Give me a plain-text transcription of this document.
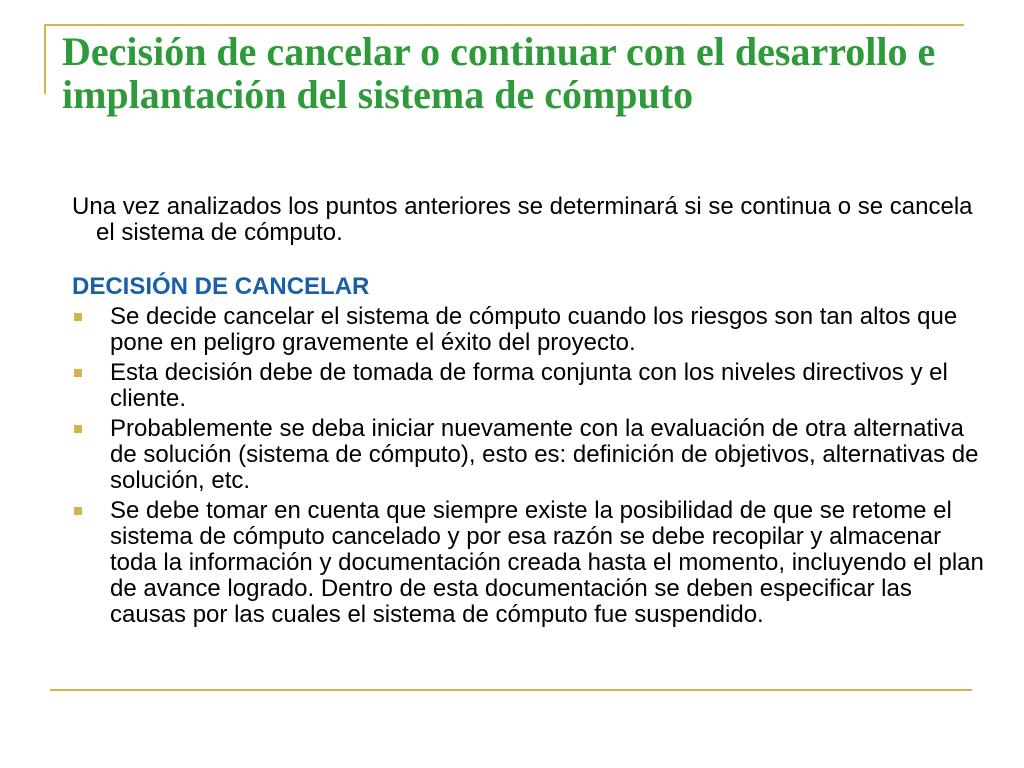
Decisión de cancelar o continuar con el desarrollo e implantación del sistema de cómputo

Una vez analizados los puntos anteriores se determinará si se continua o se cancela el sistema de cómputo.

DECISIÓN DE CANCELAR
Se decide cancelar el sistema de cómputo cuando los riesgos son tan altos que pone en peligro gravemente el éxito del proyecto.
Esta decisión debe de tomada de forma conjunta con los niveles directivos y el cliente.
Probablemente se deba iniciar nuevamente con la evaluación de otra alternativa de solución (sistema de cómputo), esto es: definición de objetivos, alternativas de solución, etc.
Se debe tomar en cuenta que siempre existe la posibilidad de que se retome el sistema de cómputo cancelado y por esa razón se debe recopilar y almacenar toda la información y documentación creada hasta el momento, incluyendo el plan de avance logrado. Dentro de esta documentación se deben especificar las causas por las cuales el sistema de cómputo fue suspendido.
